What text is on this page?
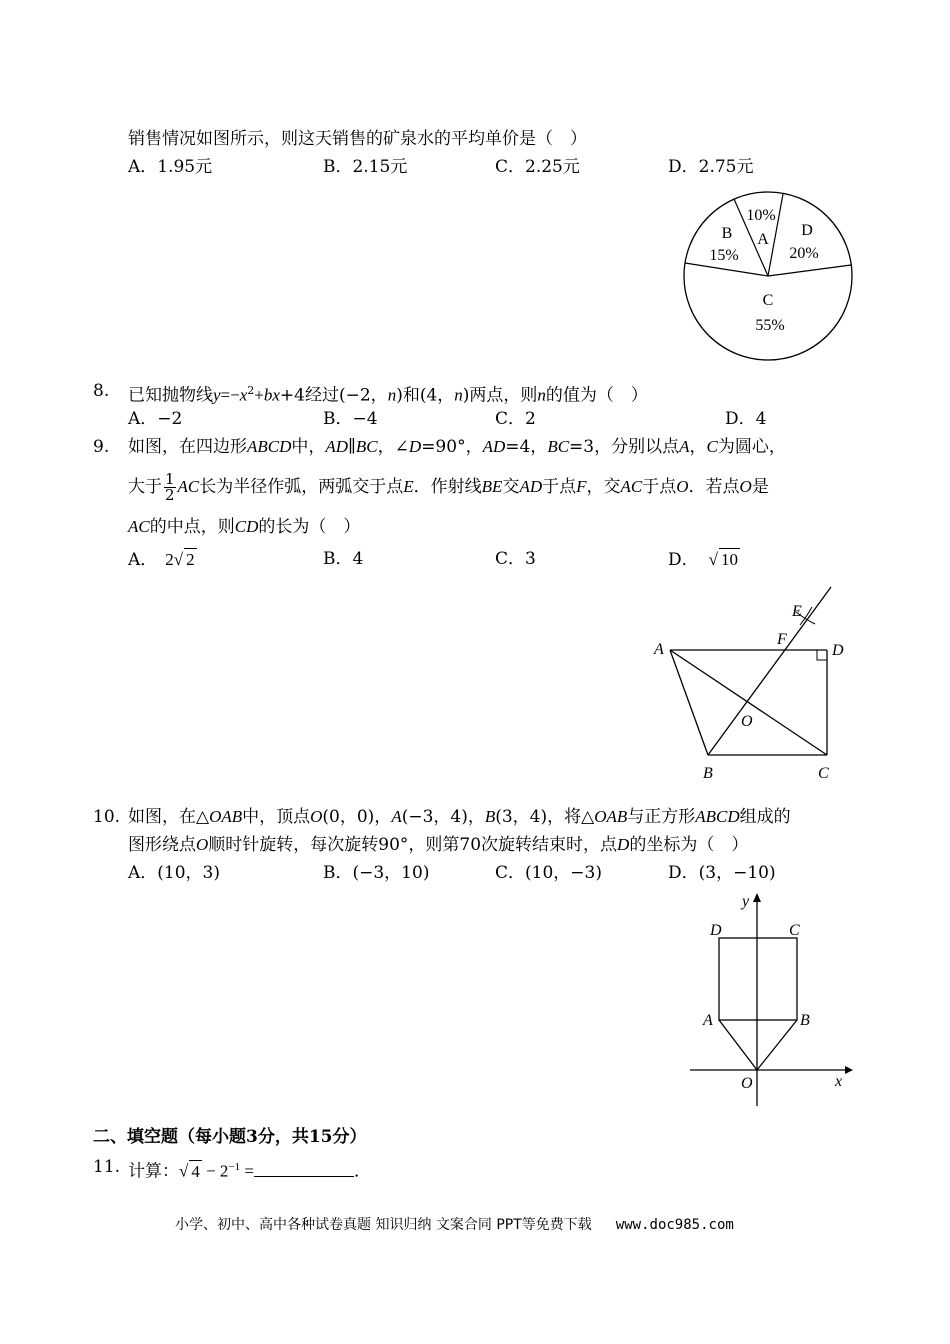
销售情况如图所示，则这天销售的矿泉水的平均单价是（　）
A．1.95元	B．2.15元	C．2.25元	D．2.75元
10%
A
B
15%
D
20%
C
55%
8. 已知抛物线$y=-x^2+bx+4$经过(−2，n)和(4，n)两点，则n的值为（　）
A．−2	B．−4	C．2	D．4
9. 如图，在四边形ABCD中，AD∥BC，∠D=90°，AD=4，BC=3，分别以点A，C为圆心，
大于 $\frac{1}{2}$ AC长为半径作弧，两弧交于点E．作射线BE交AD于点F，交AC于点O．若点O是
AC的中点，则CD的长为（　）
A． 2√ 2	B．4	C．3	D． √ 10
E
F
D
A
O
B	C
10. 如图，在△OAB中，顶点O(0，0)，A(−3，4)，B(3，4)，将△OAB与正方形ABCD组成的
图形绕点O顺时针旋转，每次旋转90°，则第70次旋转结束时，点D的坐标为（　）
A．(10，3)	B．(−3，10)	C．(10，−3)	D．(3，−10)
y
D	C
A	B
O	x
二、填空题（每小题3分，共15分）
11. 计算：√ $4 - 2^{-1}$ =	．
小学、初中、高中各种试卷真题 知识归纳 文案合同 PPT等免费下载 www.doc985.com
